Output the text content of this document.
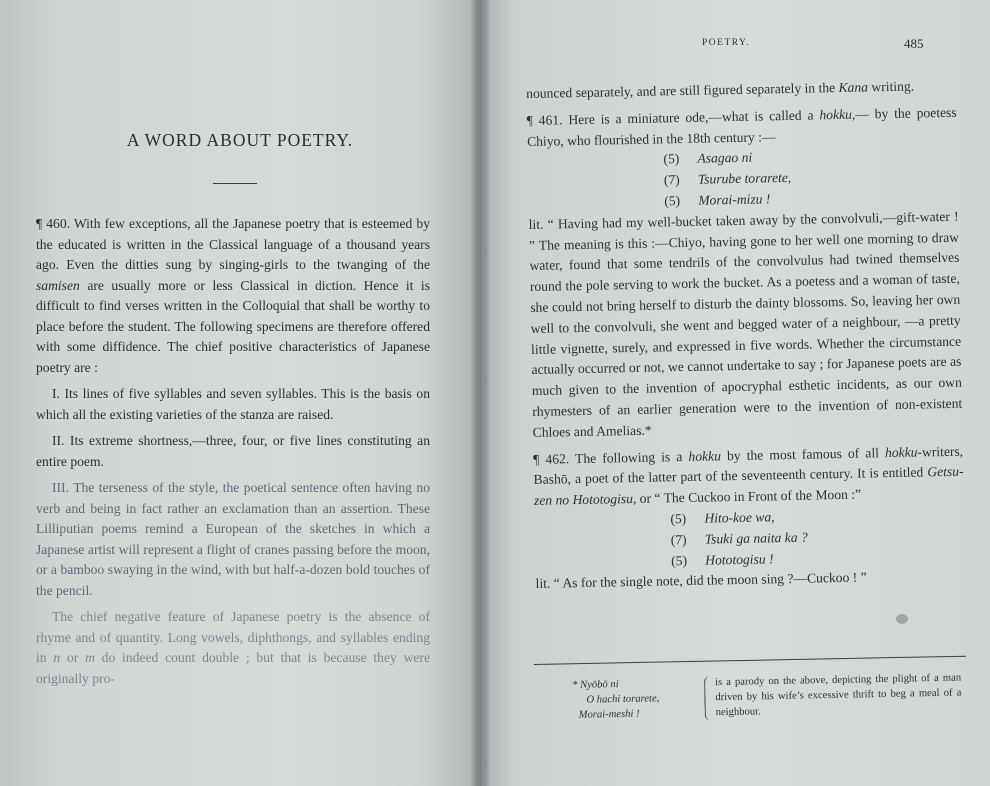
A WORD ABOUT POETRY.

¶ 460. With few exceptions, all the Japanese poetry that is esteemed by the educated is written in the Classical language of a thousand years ago. Even the ditties sung by singing-girls to the twanging of the samisen are usually more or less Classical in diction. Hence it is difficult to find verses written in the Colloquial that shall be worthy to place before the student. The following specimens are therefore offered with some diffidence. The chief positive characteristics of Japanese poetry are :

I. Its lines of five syllables and seven syllables. This is the basis on which all the existing varieties of the stanza are raised.

II. Its extreme shortness,—three, four, or five lines constituting an entire poem.

III. The terseness of the style, the poetical sentence often having no verb and being in fact rather an exclamation than an assertion. These Lilliputian poems remind a European of the sketches in which a Japanese artist will represent a flight of cranes passing before the moon, or a bamboo swaying in the wind, with but half-a-dozen bold touches of the pencil.

The chief negative feature of Japanese poetry is the absence of rhyme and of quantity. Long vowels, diphthongs, and syllables ending in n or m do indeed count double ; but that is because they were originally pro-

POETRY.	485

nounced separately, and are still figured separately in the Kana writing.

¶ 461. Here is a miniature ode,—what is called a hokku,— by the poetess Chiyo, who flourished in the 18th century :—

(5) Asagao ni
(7) Tsurube torarete,
(5) Morai-mizu !

lit. “ Having had my well-bucket taken away by the convolvuli,—gift-water ! ” The meaning is this :—Chiyo, having gone to her well one morning to draw water, found that some tendrils of the convolvulus had twined themselves round the pole serving to work the bucket. As a poetess and a woman of taste, she could not bring herself to disturb the dainty blossoms. So, leaving her own well to the convolvuli, she went and begged water of a neighbour, —a pretty little vignette, surely, and expressed in five words. Whether the circumstance actually occurred or not, we cannot undertake to say ; for Japanese poets are as much given to the invention of apocryphal esthetic incidents, as our own rhymesters of an earlier generation were to the invention of non-existent Chloes and Amelias.*

¶ 462. The following is a hokku by the most famous of all hokku-writers, Bashō, a poet of the latter part of the seventeenth century. It is entitled Getsu-zen no Hototogisu, or “ The Cuckoo in Front of the Moon :”

(5) Hito-koe wa,
(7) Tsuki ga naita ka ?
(5) Hototogisu !

lit. “ As for the single note, did the moon sing ?—Cuckoo ! ”

* Nyōbō ni
O hachi torarete,
Morai-meshi !
is a parody on the above, depicting the plight of a man driven by his wife’s excessive thrift to beg a meal of a neighbour.
